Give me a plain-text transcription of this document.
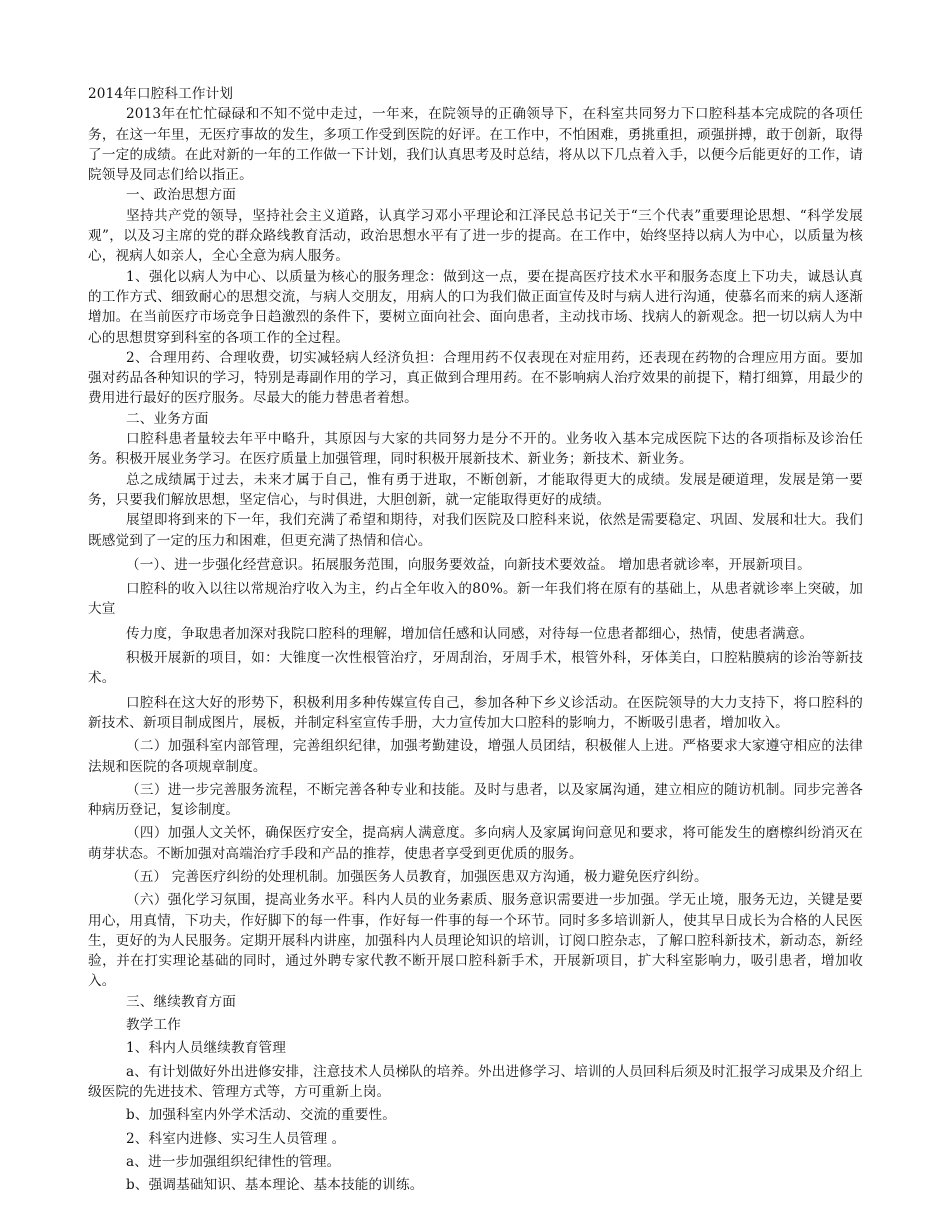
2014年口腔科工作计划

2013年在忙忙碌碌和不知不觉中走过，一年来，在院领导的正确领导下，在科室共同努力下口腔科基本完成院的各项任务，在这一年里，无医疗事故的发生，多项工作受到医院的好评。在工作中，不怕困难，勇挑重担，顽强拼搏，敢于创新，取得了一定的成绩。在此对新的一年的工作做一下计划，我们认真思考及时总结，将从以下几点着入手，以便今后能更好的工作，请院领导及同志们给以指正。

一、政治思想方面

坚持共产党的领导，坚持社会主义道路，认真学习邓小平理论和江泽民总书记关于“三个代表”重要理论思想、“科学发展观”，以及习主席的党的群众路线教育活动，政治思想水平有了进一步的提高。在工作中，始终坚持以病人为中心，以质量为核心，视病人如亲人，全心全意为病人服务。

1、强化以病人为中心、以质量为核心的服务理念：做到这一点，要在提高医疗技术水平和服务态度上下功夫，诚恳认真的工作方式、细致耐心的思想交流，与病人交朋友，用病人的口为我们做正面宣传及时与病人进行沟通，使慕名而来的病人逐渐增加。在当前医疗市场竞争日趋激烈的条件下，要树立面向社会、面向患者，主动找市场、找病人的新观念。把一切以病人为中心的思想贯穿到科室的各项工作的全过程。

2、合理用药、合理收费，切实减轻病人经济负担：合理用药不仅表现在对症用药，还表现在药物的合理应用方面。要加强对药品各种知识的学习，特别是毒副作用的学习，真正做到合理用药。在不影响病人治疗效果的前提下，精打细算，用最少的费用进行最好的医疗服务。尽最大的能力替患者着想。

二、业务方面

口腔科患者量较去年平中略升，其原因与大家的共同努力是分不开的。业务收入基本完成医院下达的各项指标及诊治任务。积极开展业务学习。在医疗质量上加强管理，同时积极开展新技术、新业务；新技术、新业务。

总之成绩属于过去，未来才属于自己，惟有勇于进取，不断创新，才能取得更大的成绩。发展是硬道理，发展是第一要务，只要我们解放思想，坚定信心，与时俱进，大胆创新，就一定能取得更好的成绩。

展望即将到来的下一年，我们充满了希望和期待，对我们医院及口腔科来说，依然是需要稳定、巩固、发展和壮大。我们既感觉到了一定的压力和困难，但更充满了热情和信心。

（一）、进一步强化经营意识。拓展服务范围，向服务要效益，向新技术要效益。 增加患者就诊率，开展新项目。

口腔科的收入以往以常规治疗收入为主，约占全年收入的80%。新一年我们将在原有的基础上，从患者就诊率上突破，加大宣

传力度，争取患者加深对我院口腔科的理解，增加信任感和认同感，对待每一位患者都细心，热情，使患者满意。

积极开展新的项目，如：大锥度一次性根管治疗，牙周刮治，牙周手术，根管外科，牙体美白，口腔粘膜病的诊治等新技术。

口腔科在这大好的形势下，积极利用多种传媒宣传自己，参加各种下乡义诊活动。在医院领导的大力支持下，将口腔科的新技术、新项目制成图片，展板，并制定科室宣传手册，大力宣传加大口腔科的影响力，不断吸引患者，增加收入。

（二）加强科室内部管理，完善组织纪律，加强考勤建设，增强人员团结，积极催人上进。严格要求大家遵守相应的法律法规和医院的各项规章制度。

（三）进一步完善服务流程，不断完善各种专业和技能。及时与患者，以及家属沟通，建立相应的随访机制。同步完善各种病历登记，复诊制度。

（四）加强人文关怀，确保医疗安全，提高病人满意度。多向病人及家属询问意见和要求，将可能发生的磨檫纠纷消灭在萌芽状态。不断加强对高端治疗手段和产品的推荐，使患者享受到更优质的服务。

（五） 完善医疗纠纷的处理机制。加强医务人员教育，加强医患双方沟通，极力避免医疗纠纷。

（六）强化学习氛围，提高业务水平。科内人员的业务素质、服务意识需要进一步加强。学无止境，服务无边，关键是要用心，用真情，下功夫，作好脚下的每一件事，作好每一件事的每一个环节。同时多多培训新人，使其早日成长为合格的人民医生，更好的为人民服务。定期开展科内讲座，加强科内人员理论知识的培训，订阅口腔杂志，了解口腔科新技术，新动态，新经验，并在打实理论基础的同时，通过外聘专家代教不断开展口腔科新手术，开展新项目，扩大科室影响力，吸引患者，增加收入。

三、继续教育方面

教学工作

1、科内人员继续教育管理

a、有计划做好外出进修安排，注意技术人员梯队的培养。外出进修学习、培训的人员回科后须及时汇报学习成果及介绍上级医院的先进技术、管理方式等，方可重新上岗。

b、加强科室内外学术活动、交流的重要性。

2、科室内进修、实习生人员管理 。

a、进一步加强组织纪律性的管理。

b、强调基础知识、基本理论、基本技能的训练。
